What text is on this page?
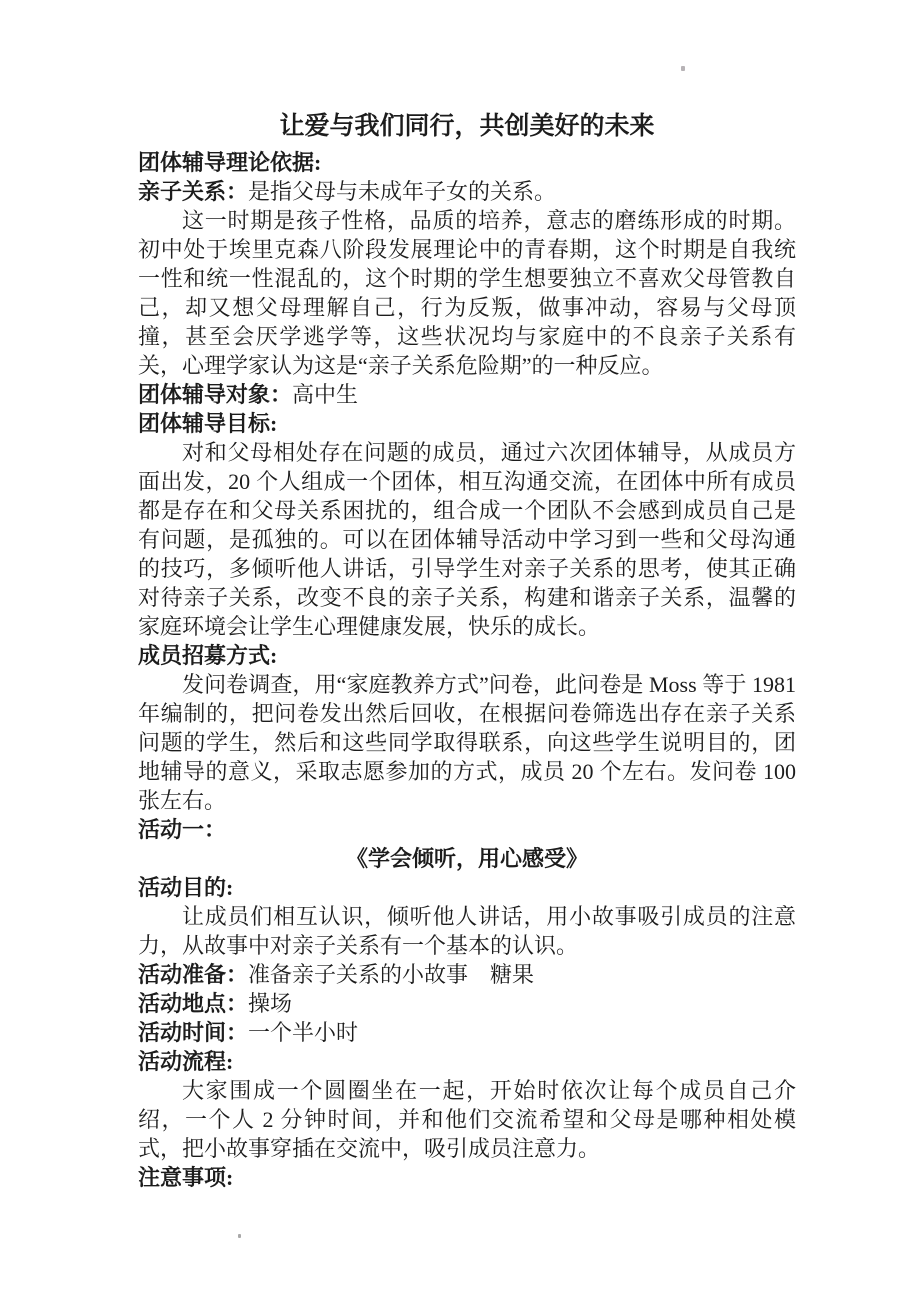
让爱与我们同行，共创美好的未来

团体辅导理论依据:

亲子关系：是指父母与未成年子女的关系。

这一时期是孩子性格，品质的培养，意志的磨练形成的时期。初中处于埃里克森八阶段发展理论中的青春期，这个时期是自我统一性和统一性混乱的，这个时期的学生想要独立不喜欢父母管教自己，却又想父母理解自己，行为反叛，做事冲动，容易与父母顶撞，甚至会厌学逃学等，这些状况均与家庭中的不良亲子关系有关，心理学家认为这是“亲子关系危险期”的一种反应。

团体辅导对象：高中生

团体辅导目标:

对和父母相处存在问题的成员，通过六次团体辅导，从成员方面出发，20 个人组成一个团体，相互沟通交流，在团体中所有成员都是存在和父母关系困扰的，组合成一个团队不会感到成员自己是有问题，是孤独的。可以在团体辅导活动中学习到一些和父母沟通的技巧，多倾听他人讲话，引导学生对亲子关系的思考，使其正确对待亲子关系，改变不良的亲子关系，构建和谐亲子关系，温馨的家庭环境会让学生心理健康发展，快乐的成长。

成员招募方式:

发问卷调查，用“家庭教养方式”问卷，此问卷是 Moss 等于 1981 年编制的，把问卷发出然后回收，在根据问卷筛选出存在亲子关系问题的学生，然后和这些同学取得联系，向这些学生说明目的，团地辅导的意义，采取志愿参加的方式，成员 20 个左右。发问卷 100 张左右。

活动一：

《学会倾听，用心感受》

活动目的:

让成员们相互认识，倾听他人讲话，用小故事吸引成员的注意力，从故事中对亲子关系有一个基本的认识。

活动准备：准备亲子关系的小故事　糖果

活动地点：操场

活动时间：一个半小时

活动流程:

大家围成一个圆圈坐在一起，开始时依次让每个成员自己介绍，一个人 2 分钟时间，并和他们交流希望和父母是哪种相处模式，把小故事穿插在交流中，吸引成员注意力。

注意事项:
